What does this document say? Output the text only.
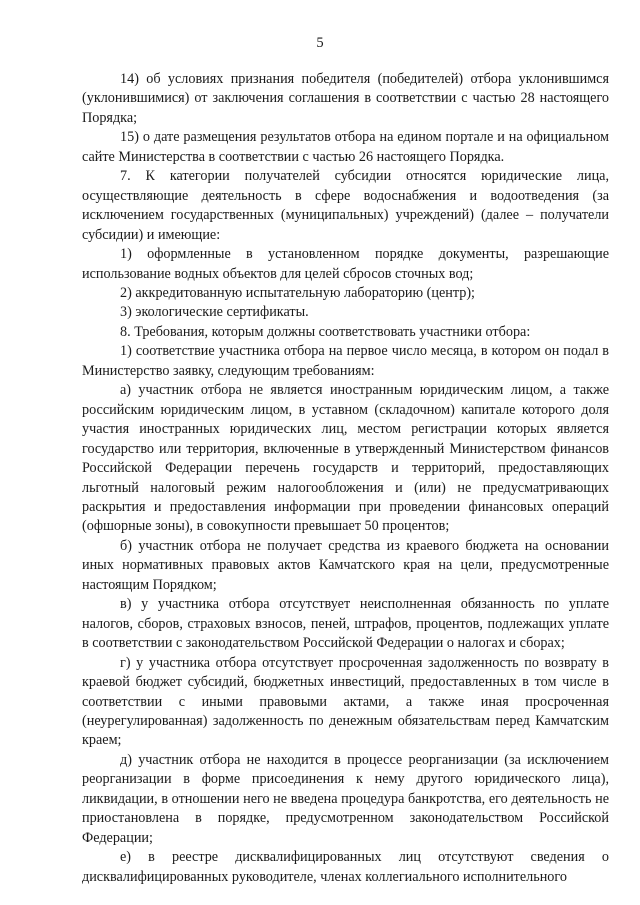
5

14) об условиях признания победителя (победителей) отбора уклонившимся (уклонившимися) от заключения соглашения в соответствии с частью 28 настоящего Порядка;

15) о дате размещения результатов отбора на едином портале и на официальном сайте Министерства в соответствии с частью 26 настоящего Порядка.

7. К категории получателей субсидии относятся юридические лица, осуществляющие деятельность в сфере водоснабжения и водоотведения (за исключением государственных (муниципальных) учреждений) (далее – получатели субсидии) и имеющие:

1) оформленные в установленном порядке документы, разрешающие использование водных объектов для целей сбросов сточных вод;

2) аккредитованную испытательную лабораторию (центр);

3) экологические сертификаты.

8. Требования, которым должны соответствовать участники отбора:

1) соответствие участника отбора на первое число месяца, в котором он подал в Министерство заявку, следующим требованиям:

а) участник отбора не является иностранным юридическим лицом, а также российским юридическим лицом, в уставном (складочном) капитале которого доля участия иностранных юридических лиц, местом регистрации которых является государство или территория, включенные в утвержденный Министерством финансов Российской Федерации перечень государств и территорий, предоставляющих льготный налоговый режим налогообложения и (или) не предусматривающих раскрытия и предоставления информации при проведении финансовых операций (офшорные зоны), в совокупности превышает 50 процентов;

б) участник отбора не получает средства из краевого бюджета на основании иных нормативных правовых актов Камчатского края на цели, предусмотренные настоящим Порядком;

в) у участника отбора отсутствует неисполненная обязанность по уплате налогов, сборов, страховых взносов, пеней, штрафов, процентов, подлежащих уплате в соответствии с законодательством Российской Федерации о налогах и сборах;

г) у участника отбора отсутствует просроченная задолженность по возврату в краевой бюджет субсидий, бюджетных инвестиций, предоставленных в том числе в соответствии с иными правовыми актами, а также иная просроченная (неурегулированная) задолженность по денежным обязательствам перед Камчатским краем;

д) участник отбора не находится в процессе реорганизации (за исключением реорганизации в форме присоединения к нему другого юридического лица), ликвидации, в отношении него не введена процедура банкротства, его деятельность не приостановлена в порядке, предусмотренном законодательством Российской Федерации;

е) в реестре дисквалифицированных лиц отсутствуют сведения о дисквалифицированных руководителе, членах коллегиального исполнительного
